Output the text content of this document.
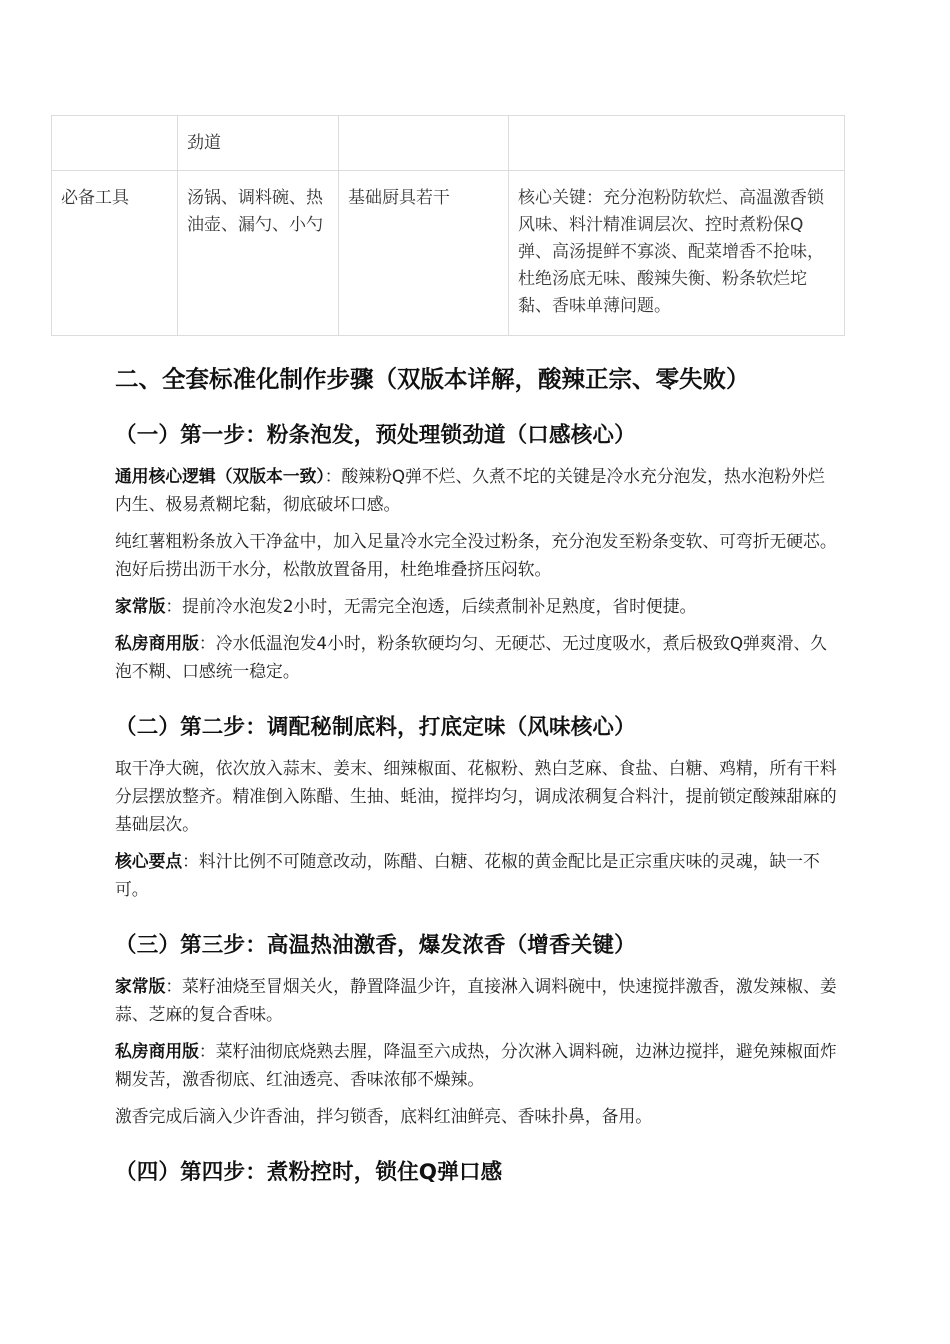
	劲道		
必备工具	汤锅、调料碗、热油壶、漏勺、小勺	基础厨具若干	核心关键：充分泡粉防软烂、高温激香锁风味、料汁精准调层次、控时煮粉保Q弹、高汤提鲜不寡淡、配菜增香不抢味，杜绝汤底无味、酸辣失衡、粉条软烂坨黏、香味单薄问题。
二、全套标准化制作步骤（双版本详解，酸辣正宗、零失败）
（一）第一步：粉条泡发，预处理锁劲道（口感核心）

通用核心逻辑（双版本一致）：酸辣粉Q弹不烂、久煮不坨的关键是冷水充分泡发，热水泡粉外烂内生、极易煮糊坨黏，彻底破坏口感。

纯红薯粗粉条放入干净盆中，加入足量冷水完全没过粉条，充分泡发至粉条变软、可弯折无硬芯。泡好后捞出沥干水分，松散放置备用，杜绝堆叠挤压闷软。

家常版：提前冷水泡发2小时，无需完全泡透，后续煮制补足熟度，省时便捷。

私房商用版：冷水低温泡发4小时，粉条软硬均匀、无硬芯、无过度吸水，煮后极致Q弹爽滑、久泡不糊、口感统一稳定。

（二）第二步：调配秘制底料，打底定味（风味核心）

取干净大碗，依次放入蒜末、姜末、细辣椒面、花椒粉、熟白芝麻、食盐、白糖、鸡精，所有干料分层摆放整齐。精准倒入陈醋、生抽、蚝油，搅拌均匀，调成浓稠复合料汁，提前锁定酸辣甜麻的基础层次。

核心要点：料汁比例不可随意改动，陈醋、白糖、花椒的黄金配比是正宗重庆味的灵魂，缺一不可。

（三）第三步：高温热油激香，爆发浓香（增香关键）

家常版：菜籽油烧至冒烟关火，静置降温少许，直接淋入调料碗中，快速搅拌激香，激发辣椒、姜蒜、芝麻的复合香味。

私房商用版：菜籽油彻底烧熟去腥，降温至六成热，分次淋入调料碗，边淋边搅拌，避免辣椒面炸糊发苦，激香彻底、红油透亮、香味浓郁不燥辣。

激香完成后滴入少许香油，拌匀锁香，底料红油鲜亮、香味扑鼻，备用。

（四）第四步：煮粉控时，锁住Q弹口感
